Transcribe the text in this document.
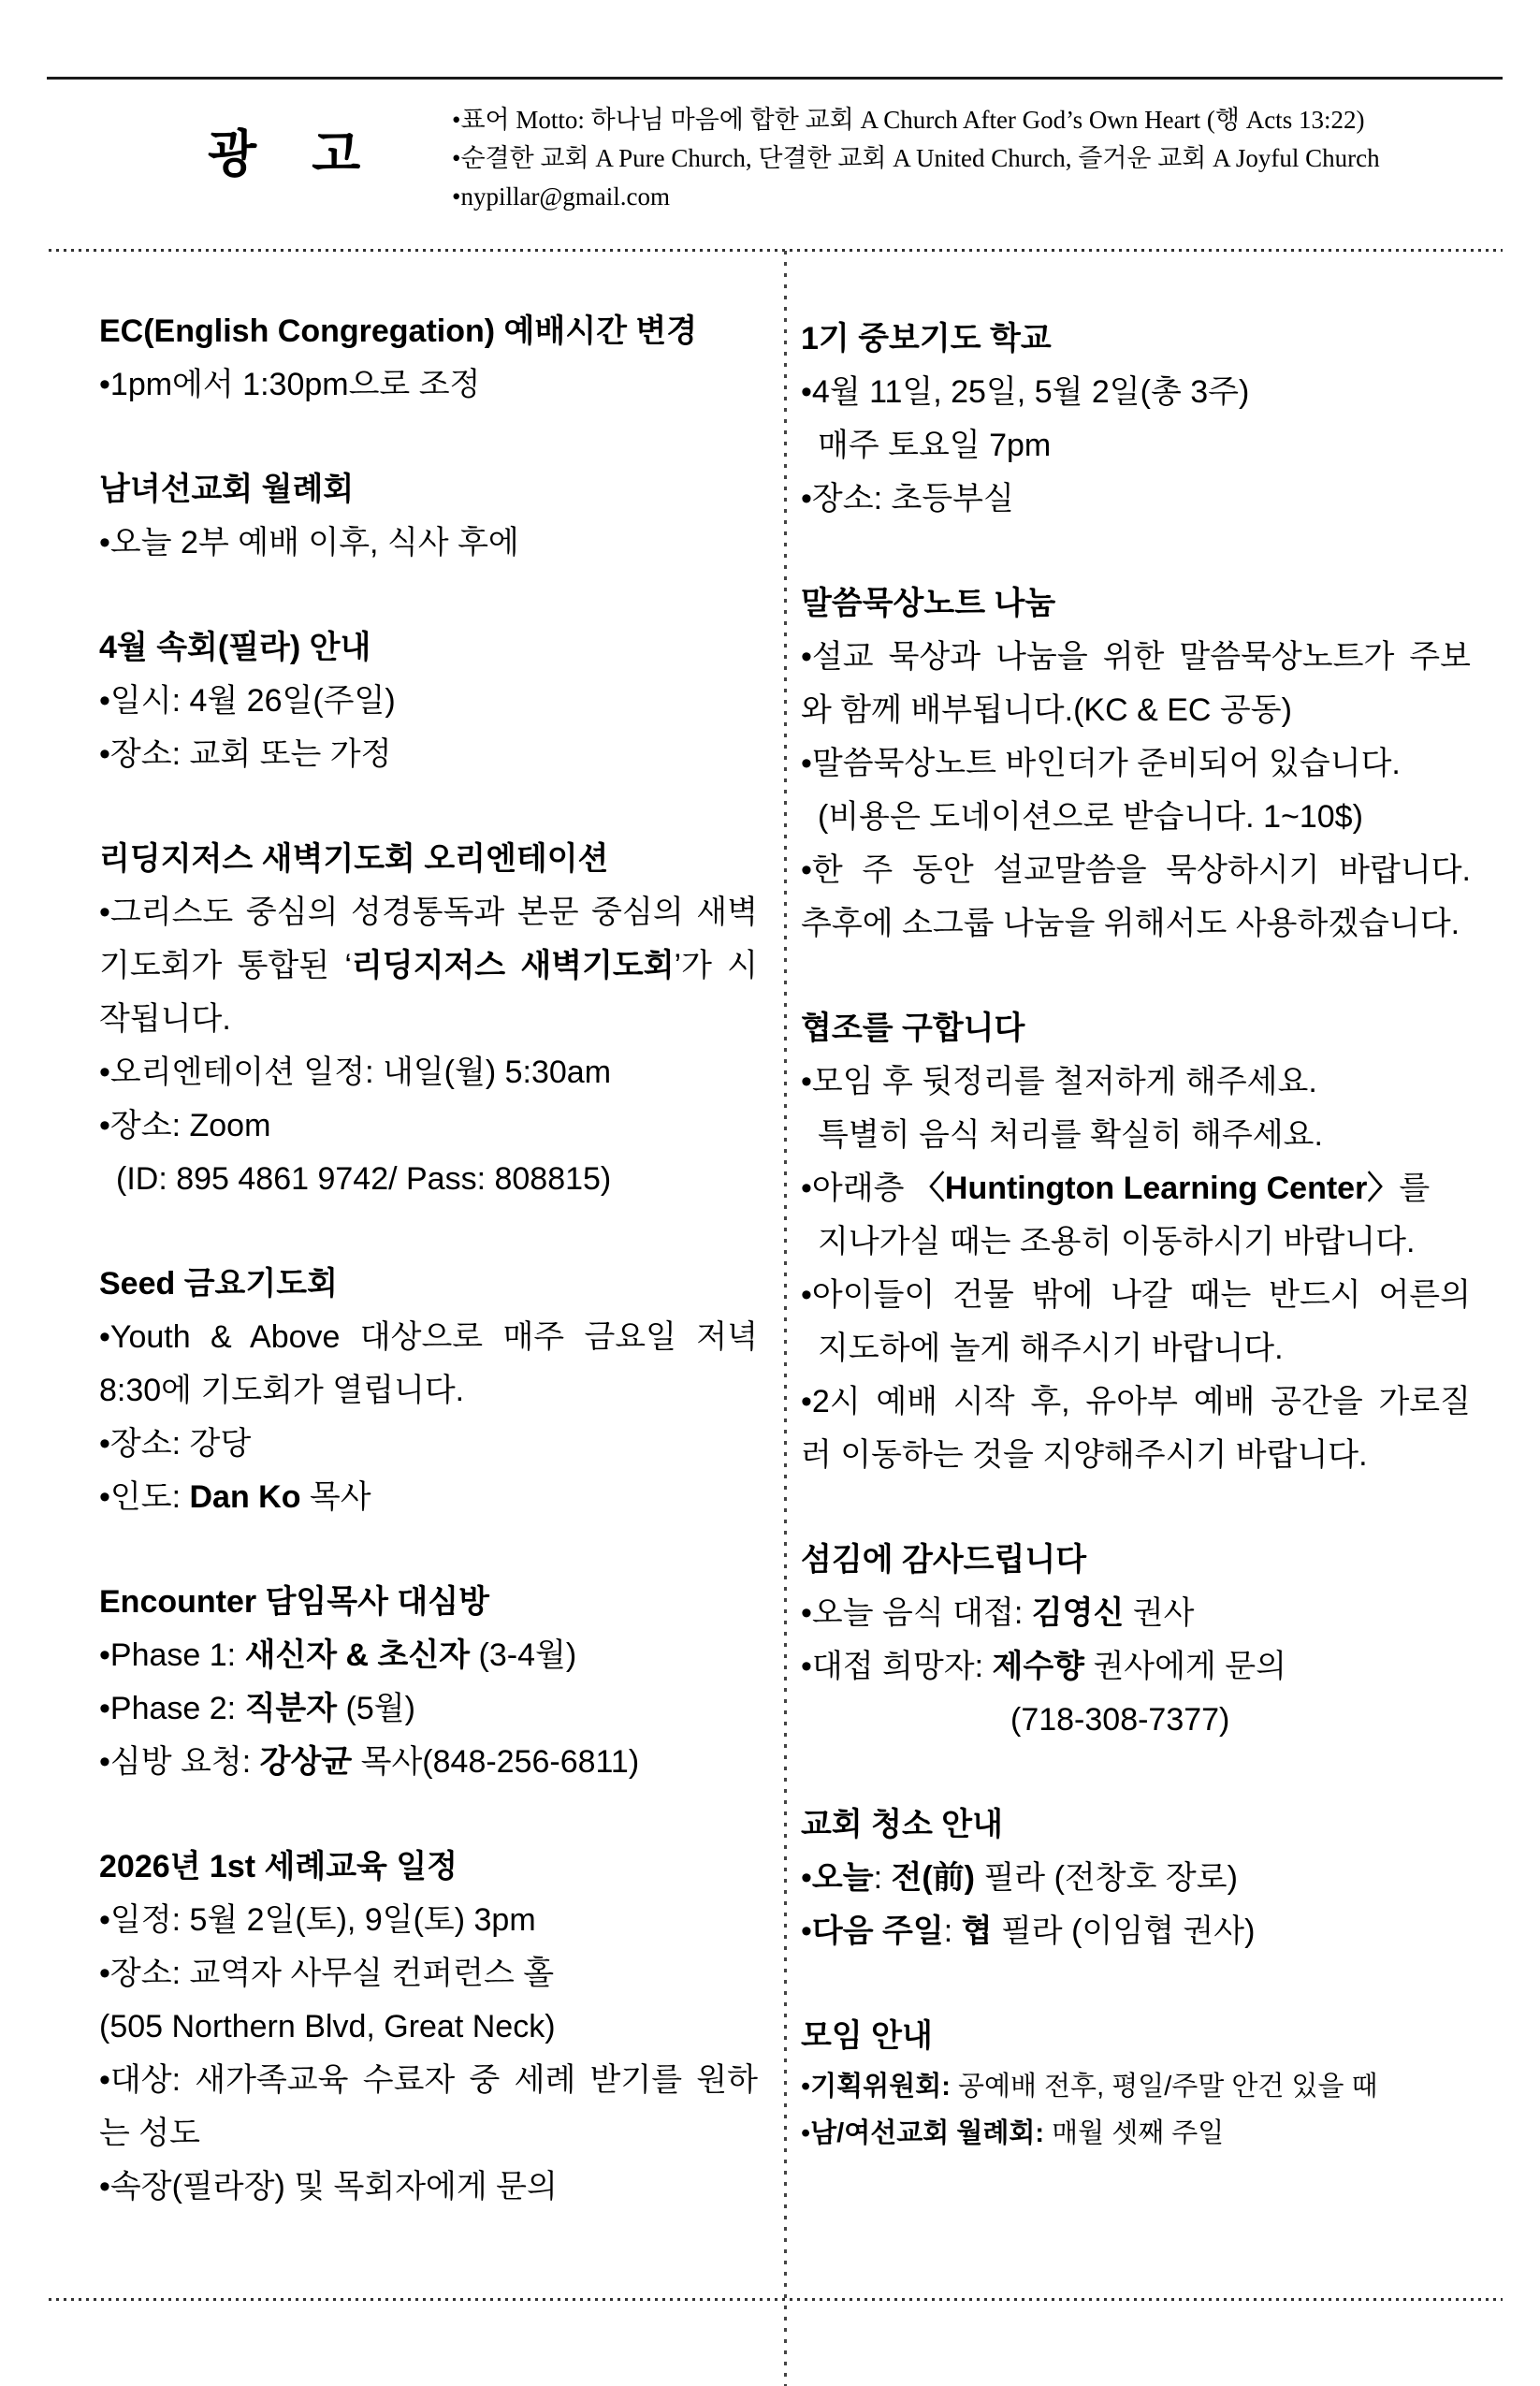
광 고
•표어 Motto: 하나님 마음에 합한 교회 A Church After God’s Own Heart (행 Acts 13:22)
•순결한 교회 A Pure Church, 단결한 교회 A United Church, 즐거운 교회 A Joyful Church
•nypillar@gmail.com
EC(English Congregation) 예배시간 변경
•1pm에서 1:30pm으로 조정
남녀선교회 월례회
•오늘 2부 예배 이후, 식사 후에
4월 속회(필라) 안내
•일시: 4월 26일(주일)
•장소: 교회 또는 가정
리딩지저스 새벽기도회 오리엔테이션
•그리스도 중심의 성경통독과 본문 중심의 새벽
기도회가 통합된 ‘리딩지저스 새벽기도회’가 시
작됩니다.
•오리엔테이션 일정: 내일(월) 5:30am
•장소: Zoom
(ID: 895 4861 9742/ Pass: 808815)
Seed 금요기도회
•Youth & Above 대상으로 매주 금요일 저녁
8:30에 기도회가 열립니다.
•장소: 강당
•인도: Dan Ko 목사
Encounter 담임목사 대심방
•Phase 1: 새신자 & 초신자 (3-4월)
•Phase 2: 직분자 (5월)
•심방 요청: 강상균 목사(848-256-6811)
2026년 1st 세례교육 일정
•일정: 5월 2일(토), 9일(토) 3pm
•장소: 교역자 사무실 컨퍼런스 홀
(505 Northern Blvd, Great Neck)
•대상: 새가족교육 수료자 중 세례 받기를 원하
는 성도
•속장(필라장) 및 목회자에게 문의
1기 중보기도 학교
•4월 11일, 25일, 5월 2일(총 3주)
매주 토요일 7pm
•장소: 초등부실
말씀묵상노트 나눔
•설교 묵상과 나눔을 위한 말씀묵상노트가 주보
와 함께 배부됩니다.(KC & EC 공동)
•말씀묵상노트 바인더가 준비되어 있습니다.
(비용은 도네이션으로 받습니다. 1~10$)
•한 주 동안 설교말씀을 묵상하시기 바랍니다.
추후에 소그룹 나눔을 위해서도 사용하겠습니다.
협조를 구합니다
•모임 후 뒷정리를 철저하게 해주세요.
특별히 음식 처리를 확실히 해주세요.
•아래층 〈Huntington Learning Center〉를
지나가실 때는 조용히 이동하시기 바랍니다.
•아이들이 건물 밖에 나갈 때는 반드시 어른의
지도하에 놀게 해주시기 바랍니다.
•2시 예배 시작 후, 유아부 예배 공간을 가로질
러 이동하는 것을 지양해주시기 바랍니다.
섬김에 감사드립니다
•오늘 음식 대접: 김영신 권사
•대접 희망자: 제수향 권사에게 문의
(718-308-7377)
교회 청소 안내
•오늘: 전(前) 필라 (전창호 장로)
•다음 주일: 협 필라 (이임협 권사)
모임 안내
•기획위원회: 공예배 전후, 평일/주말 안건 있을 때
•남/여선교회 월례회: 매월 셋째 주일
